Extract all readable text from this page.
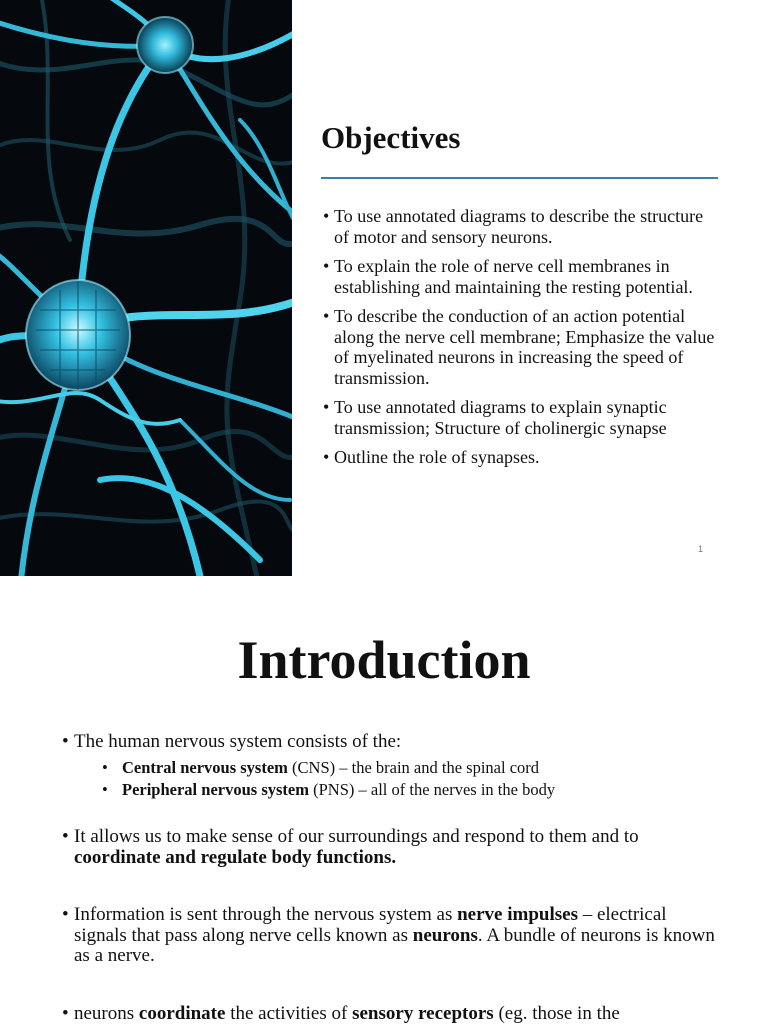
Objectives
• To use annotated diagrams to describe the structure of motor and sensory neurons.
• To explain the role of nerve cell membranes in establishing and maintaining the resting potential.
• To describe the conduction of an action potential along the nerve cell membrane; Emphasize the value of myelinated neurons in increasing the speed of transmission.
• To use annotated diagrams to explain synaptic transmission; Structure of cholinergic synapse
• Outline the role of synapses.
1
Introduction
• The human nervous system consists of the:
• Central nervous system (CNS) – the brain and the spinal cord
• Peripheral nervous system (PNS) – all of the nerves in the body
• It allows us to make sense of our surroundings and respond to them and to coordinate and regulate body functions.
• Information is sent through the nervous system as nerve impulses – electrical signals that pass along nerve cells known as neurons. A bundle of neurons is known as a nerve.
• neurons coordinate the activities of sensory receptors (eg. those in the
